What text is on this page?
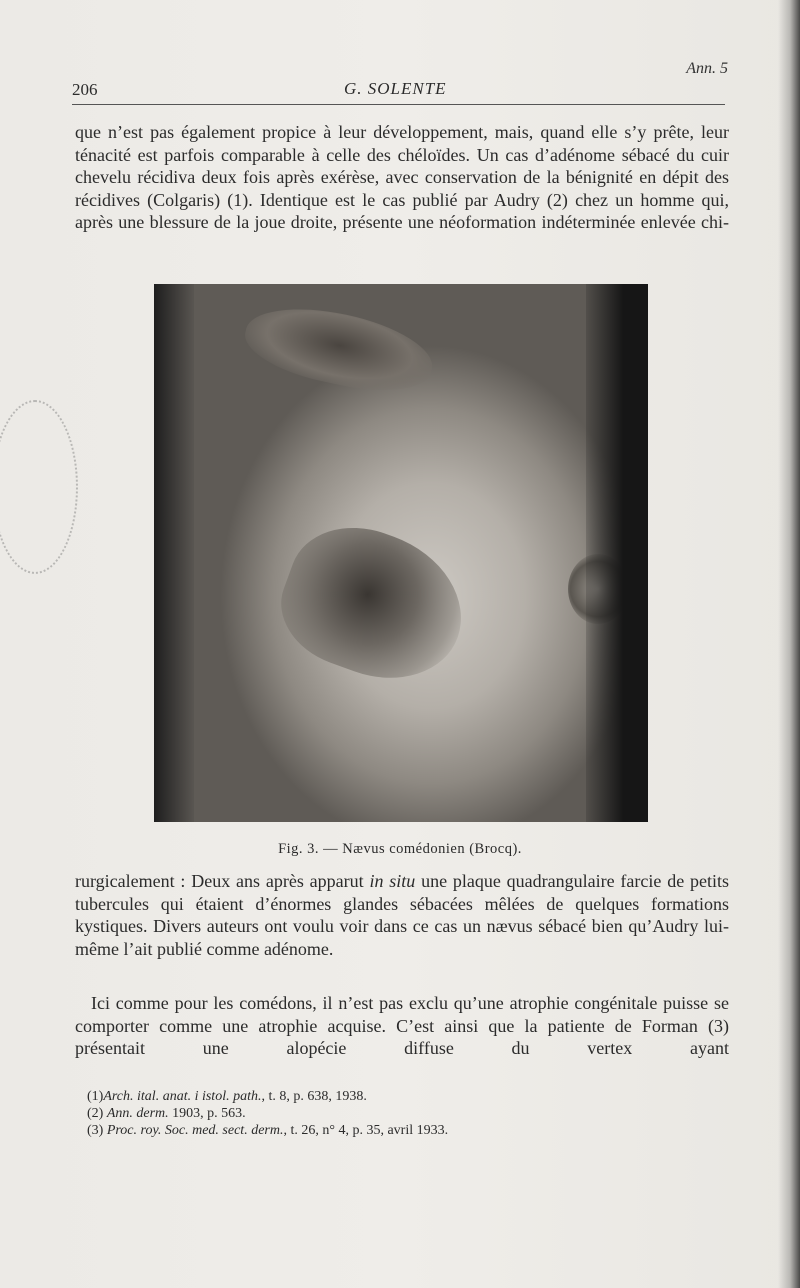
Ann. 5
206	G. SOLENTE

que n’est pas également propice à leur développement, mais, quand elle s’y prête, leur ténacité est parfois comparable à celle des chéloïdes. Un cas d’adénome sébacé du cuir chevelu récidiva deux fois après exérèse, avec conservation de la bénignité en dépit des récidives (Colgaris) (1). Identique est le cas publié par Audry (2) chez un homme qui, après une blessure de la joue droite, présente une néoformation indéterminée enlevée chi-

Fig. 3. — Nævus comédonien (Brocq).

rurgicalement : Deux ans après apparut in situ une plaque quadrangulaire farcie de petits tubercules qui étaient d’énormes glandes sébacées mêlées de quelques formations kystiques. Divers auteurs ont voulu voir dans ce cas un nævus sébacé bien qu’Audry lui-même l’ait publié comme adénome.

Ici comme pour les comédons, il n’est pas exclu qu’une atrophie congénitale puisse se comporter comme une atrophie acquise. C’est ainsi que la patiente de Forman (3) présentait une alopécie diffuse du vertex ayant

(1)Arch. ital. anat. i istol. path., t. 8, p. 638, 1938.
(2) Ann. derm. 1903, p. 563.
(3) Proc. roy. Soc. med. sect. derm., t. 26, n° 4, p. 35, avril 1933.
